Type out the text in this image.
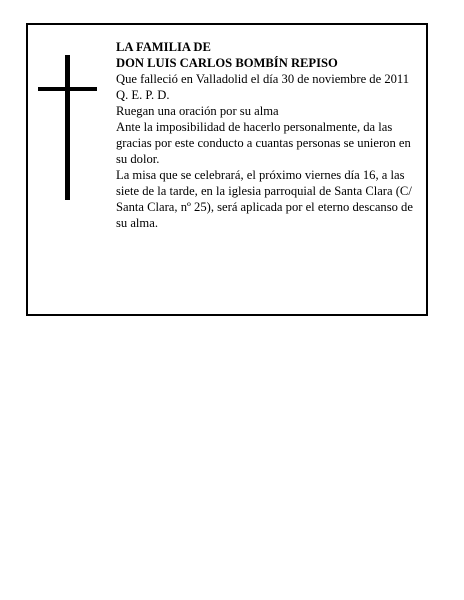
LA FAMILIA DE

DON LUIS CARLOS BOMBÍN REPISO

Que falleció en Valladolid el día 30 de noviembre de 2011

Q. E. P. D.

Ruegan una oración por su alma

Ante la imposibilidad de hacerlo personalmente, da las gracias por este conducto a cuantas personas se unieron en su dolor.

La misa que se celebrará, el próximo viernes día 16, a las siete de la tarde, en la iglesia parroquial de Santa Clara (C/ Santa Clara, nº 25), será aplicada por el eterno descanso de su alma.
